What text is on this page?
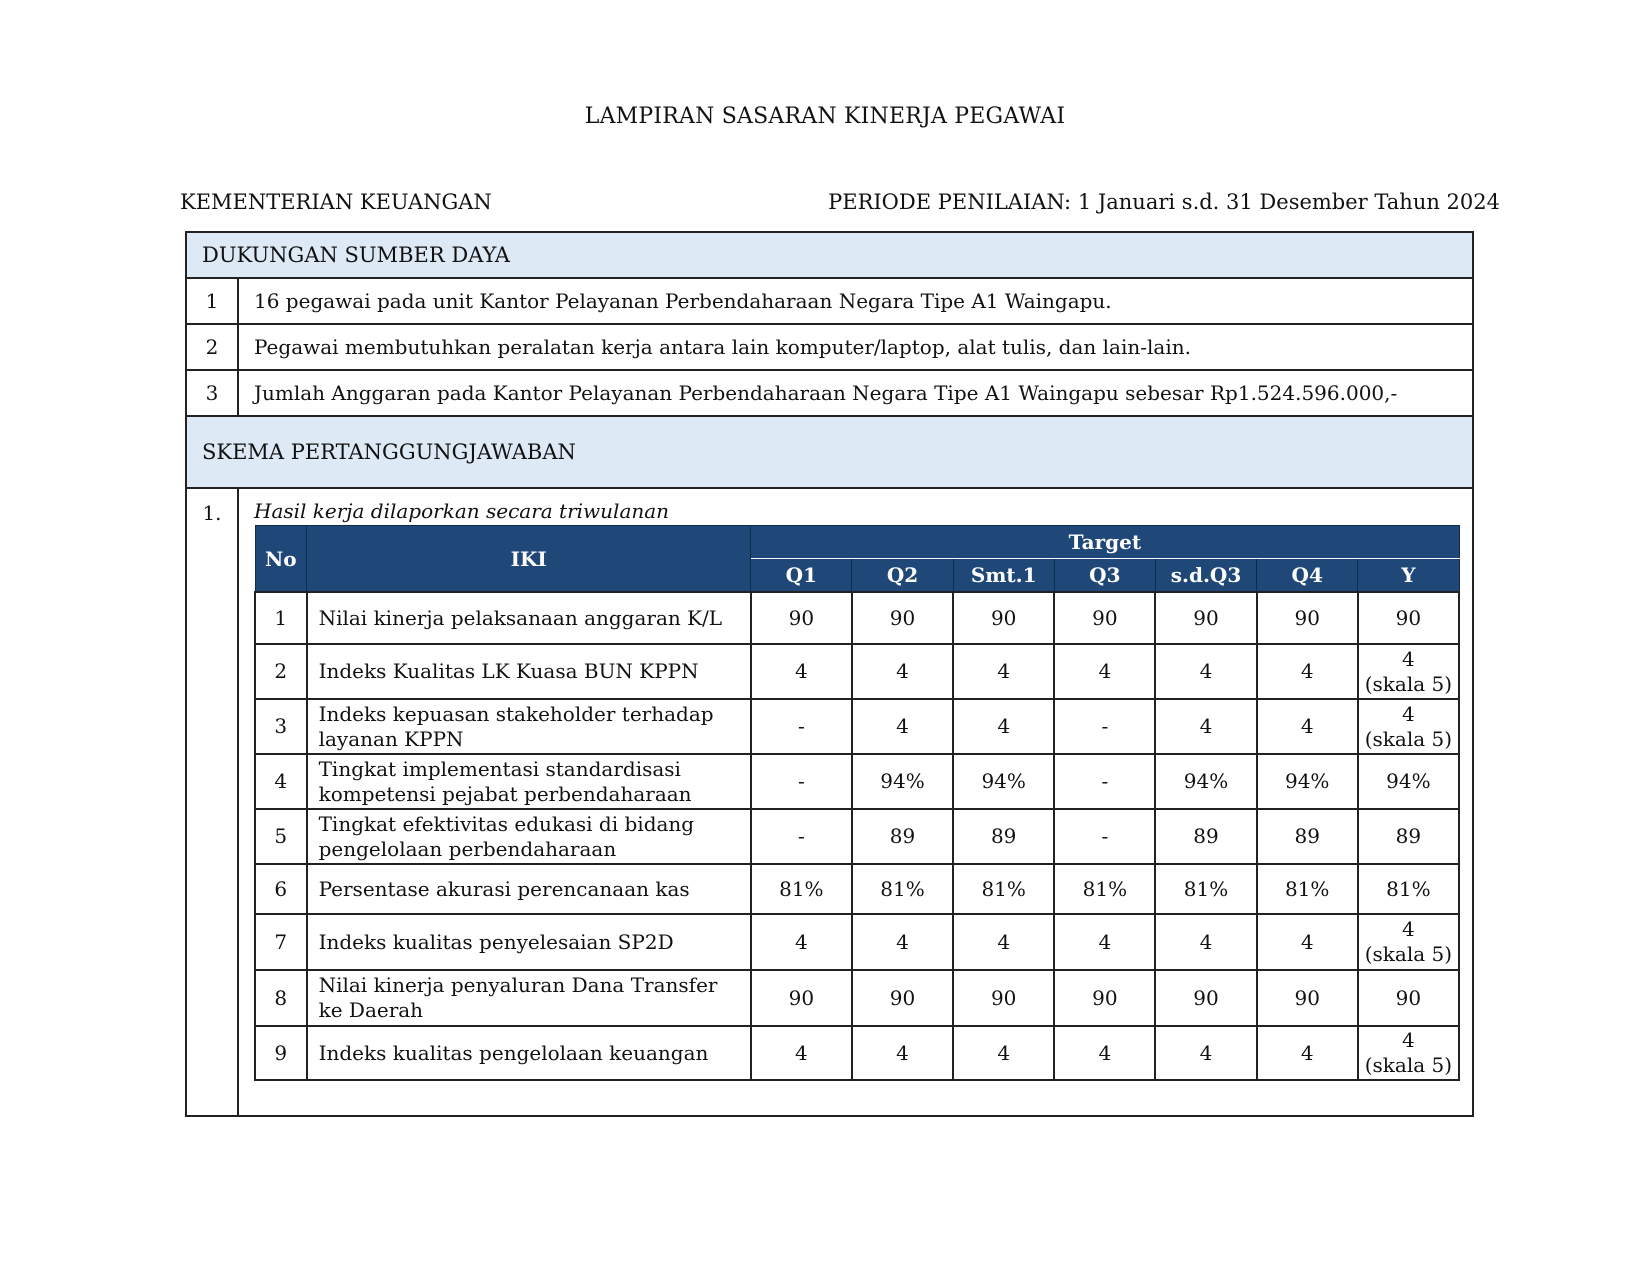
LAMPIRAN SASARAN KINERJA PEGAWAI
KEMENTERIAN KEUANGAN	PERIODE PENILAIAN: 1 Januari s.d. 31 Desember Tahun 2024
DUKUNGAN SUMBER DAYA
1	16 pegawai pada unit Kantor Pelayanan Perbendaharaan Negara Tipe A1 Waingapu.
2	Pegawai membutuhkan peralatan kerja antara lain komputer/laptop, alat tulis, dan lain-lain.
3	Jumlah Anggaran pada Kantor Pelayanan Perbendaharaan Negara Tipe A1 Waingapu sebesar Rp1.524.596.000,-
SKEMA PERTANGGUNGJAWABAN
1.	Hasil kerja dilaporkan secara triwulanan
No	IKI	Target						
		Q1	Q2	Smt.1	Q3	s.d.Q3	Q4	Y
1	Nilai kinerja pelaksanaan anggaran K/L	90	90	90	90	90	90	90
2	Indeks Kualitas LK Kuasa BUN KPPN	4	4	4	4	4	4	4
(skala 5)

3	Indeks kepuasan stakeholder terhadap layanan KPPN	-	4	4	-	4	4	4
(skala 5)

4	Tingkat implementasi standardisasi kompetensi pejabat perbendaharaan	-	94%	94%	-	94%	94%	94%
5	Tingkat efektivitas edukasi di bidang pengelolaan perbendaharaan	-	89	89	-	89	89	89
6	Persentase akurasi perencanaan kas	81%	81%	81%	81%	81%	81%	81%
7	Indeks kualitas penyelesaian SP2D	4	4	4	4	4	4	4
(skala 5)

8	Nilai kinerja penyaluran Dana Transfer ke Daerah	90	90	90	90	90	90	90
9	Indeks kualitas pengelolaan keuangan	4	4	4	4	4	4	4
(skala 5)
